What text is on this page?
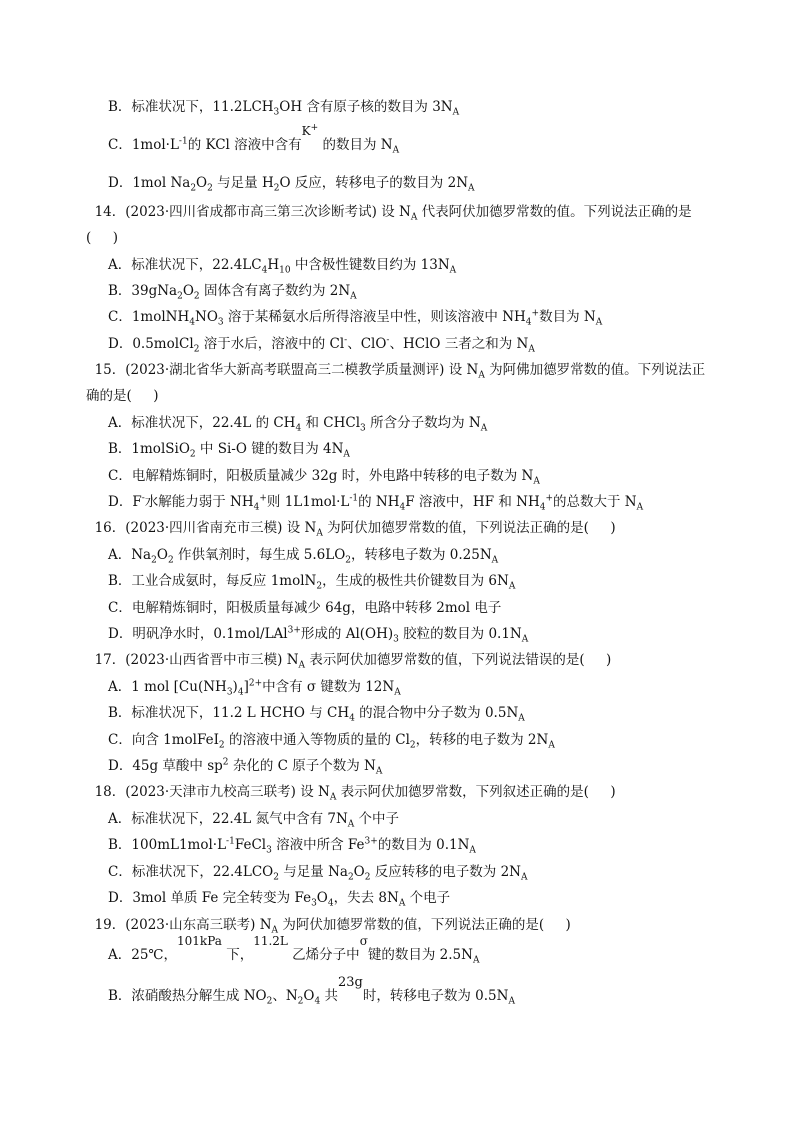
B．标准状况下，$11.2LCH_3OH$ 含有原子核的数目为 $3N_A$
C．$1mol\cdot L^{-1}$的 KCl 溶液中含有K+ 的数目为 $N_A$
D．1mol $Na_2O_2$ 与足量 $H_2O$ 反应，转移电子的数目为 $2N_A$
14．(2023·四川省成都市高三第三次诊断考试) 设 $N_A$ 代表阿伏加德罗常数的值。下列说法正确的是
(     )
A．标准状况下，$22.4LC_4H_{10}$ 中含极性键数目约为 $13N_A$
B．$39gNa_2O_2$ 固体含有离子数约为 $2N_A$
C．$1molNH_4NO_3$ 溶于某稀氨水后所得溶液呈中性，则该溶液中 $NH_4^+$数目为 $N_A$
D．0.5molCl$_2$ 溶于水后，溶液中的 Cl-、ClO-、HClO 三者之和为 $N_A$
15．(2023·湖北省华大新高考联盟高三二模教学质量测评) 设 $N_A$ 为阿佛加德罗常数的值。下列说法正
确的是(     )
A．标准状况下，22.4L 的 $CH_4$ 和 CHCl$_3$ 所含分子数均为 $N_A$
B．1molSiO$_2$ 中 Si-O 键的数目为 $4N_A$
C．电解精炼铜时，阳极质量减少 32g 时，外电路中转移的电子数为 $N_A$
D．F-水解能力弱于 $NH_4^+$则 $1L1mol\cdot L^{-1}$的 $NH_4F$ 溶液中，HF 和 $NH_4^+$的总数大于 $N_A$
16．(2023·四川省南充市三模) 设 $N_A$ 为阿伏加德罗常数的值，下列说法正确的是(     )
A．$Na_2O_2$ 作供氧剂时，每生成 $5.6LO_2$，转移电子数为 $0.25N_A$
B．工业合成氨时，每反应 1molN$_2$，生成的极性共价键数目为 $6N_A$
C．电解精炼铜时，阳极质量每减少 64g，电路中转移 2mol 电子
D．明矾净水时，0.1mol/LAl$^{3+}$形成的 $Al(OH)_3$ 胶粒的数目为 $0.1N_A$
17．(2023·山西省晋中市三模) $N_A$ 表示阿伏加德罗常数的值，下列说法错误的是(     )
A．1 mol $[Cu(NH_3)_4]^{2+}$中含有 σ 键数为 $12N_A$
B．标准状况下，11.2 L HCHO 与 $CH_4$ 的混合物中分子数为 $0.5N_A$
C．向含 1molFeI$_2$ 的溶液中通入等物质的量的 $Cl_2$，转移的电子数为 $2N_A$
D．45g 草酸中 $sp^2$ 杂化的 C 原子个数为 $N_A$
18．(2023·天津市九校高三联考) 设 $N_A$ 表示阿伏加德罗常数，下列叙述正确的是(     )
A．标准状况下，22.4L 氮气中含有 $7N_A$ 个中子
B．$100mL1mol\cdot L^{-1}FeCl_3$ 溶液中所含 $Fe^{3+}$的数目为 $0.1N_A$
C．标准状况下，$22.4LCO_2$ 与足量 $Na_2O_2$ 反应转移的电子数为 $2N_A$
D．3mol 单质 Fe 完全转变为 $Fe_3O_4$，失去 $8N_A$ 个电子
19．(2023·山东高三联考) $N_A$ 为阿伏加德罗常数的值，下列说法正确的是(     )
A．25℃，101kPa 下，11.2L 乙烯分子中σ键的数目为 $2.5N_A$
B．浓硝酸热分解生成 $NO_2$、$N_2O_4$ 共23g时，转移电子数为 $0.5N_A$
